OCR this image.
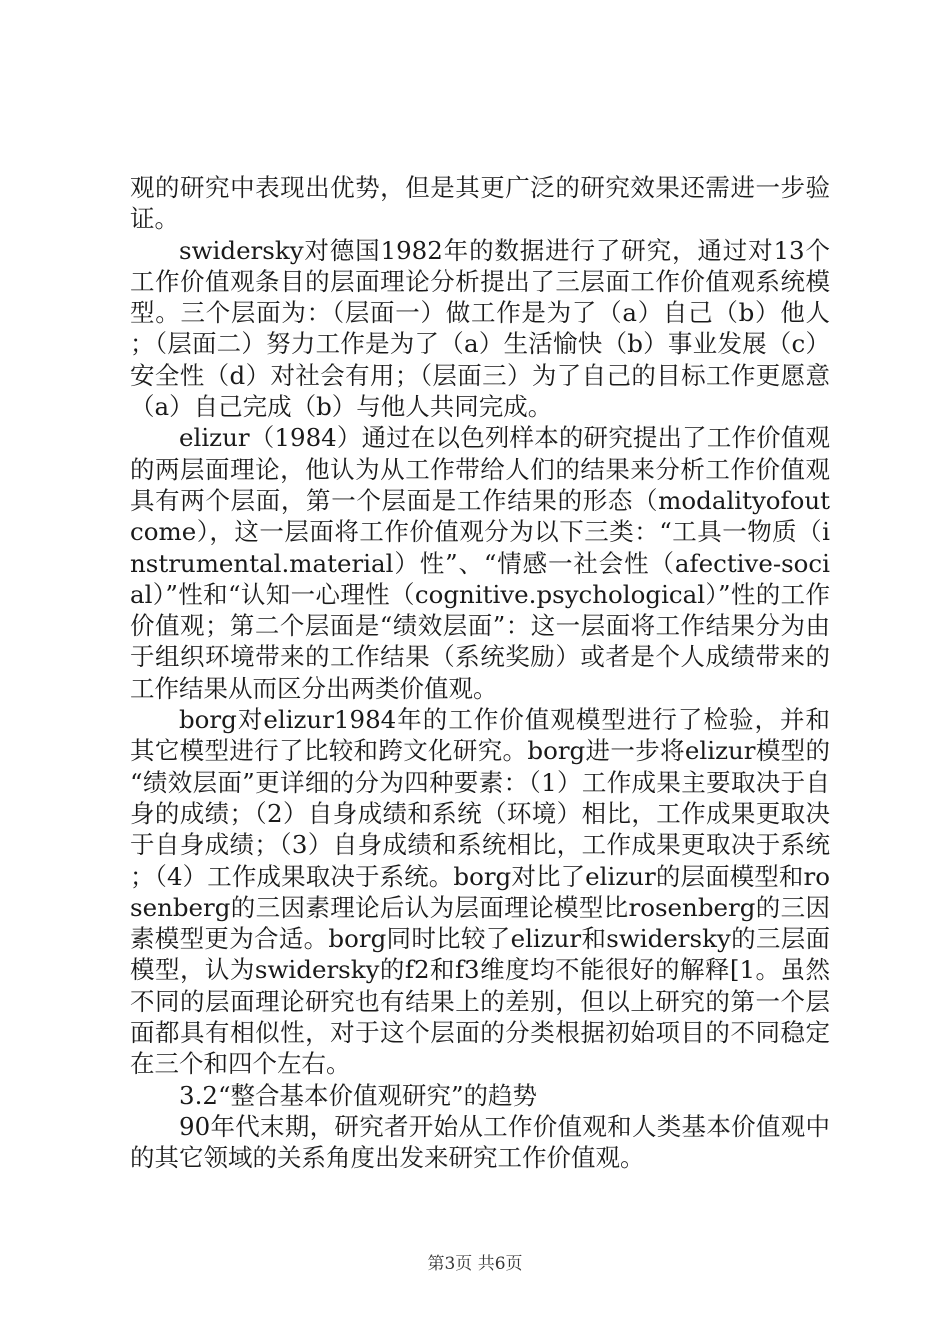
观的研究中表现出优势，但是其更广泛的研究效果还需进一步验证。

swidersky对德国1982年的数据进行了研究，通过对13个工作价值观条目的层面理论分析提出了三层面工作价值观系统模型。三个层面为：（层面一）做工作是为了（a）自己（b）他人；（层面二）努力工作是为了（a）生活愉快（b）事业发展（c）安全性（d）对社会有用；（层面三）为了自己的目标工作更愿意（a）自己完成（b）与他人共同完成。

elizur（1984）通过在以色列样本的研究提出了工作价值观的两层面理论，他认为从工作带给人们的结果来分析工作价值观具有两个层面，第一个层面是工作结果的形态（modalityofoutcome），这一层面将工作价值观分为以下三类：“工具一物质（instrumental.material）性”、“情感一社会性（afective-social）”性和“认知一心理性（cognitive.psychological）”性的工作价值观；第二个层面是“绩效层面”：这一层面将工作结果分为由于组织环境带来的工作结果（系统奖励）或者是个人成绩带来的工作结果从而区分出两类价值观。

borg对elizur1984年的工作价值观模型进行了检验，并和其它模型进行了比较和跨文化研究。borg进一步将elizur模型的“绩效层面”更详细的分为四种要素：（1）工作成果主要取决于自身的成绩；（2）自身成绩和系统（环境）相比，工作成果更取决于自身成绩；（3）自身成绩和系统相比，工作成果更取决于系统；（4）工作成果取决于系统。borg对比了elizur的层面模型和rosenberg的三因素理论后认为层面理论模型比rosenberg的三因素模型更为合适。borg同时比较了elizur和swidersky的三层面模型，认为swidersky的f2和f3维度均不能很好的解释[1。虽然不同的层面理论研究也有结果上的差别，但以上研究的第一个层面都具有相似性，对于这个层面的分类根据初始项目的不同稳定在三个和四个左右。

3.2“整合基本价值观研究”的趋势

90年代末期，研究者开始从工作价值观和人类基本价值观中的其它领域的关系角度出发来研究工作价值观。

第3页 共6页
